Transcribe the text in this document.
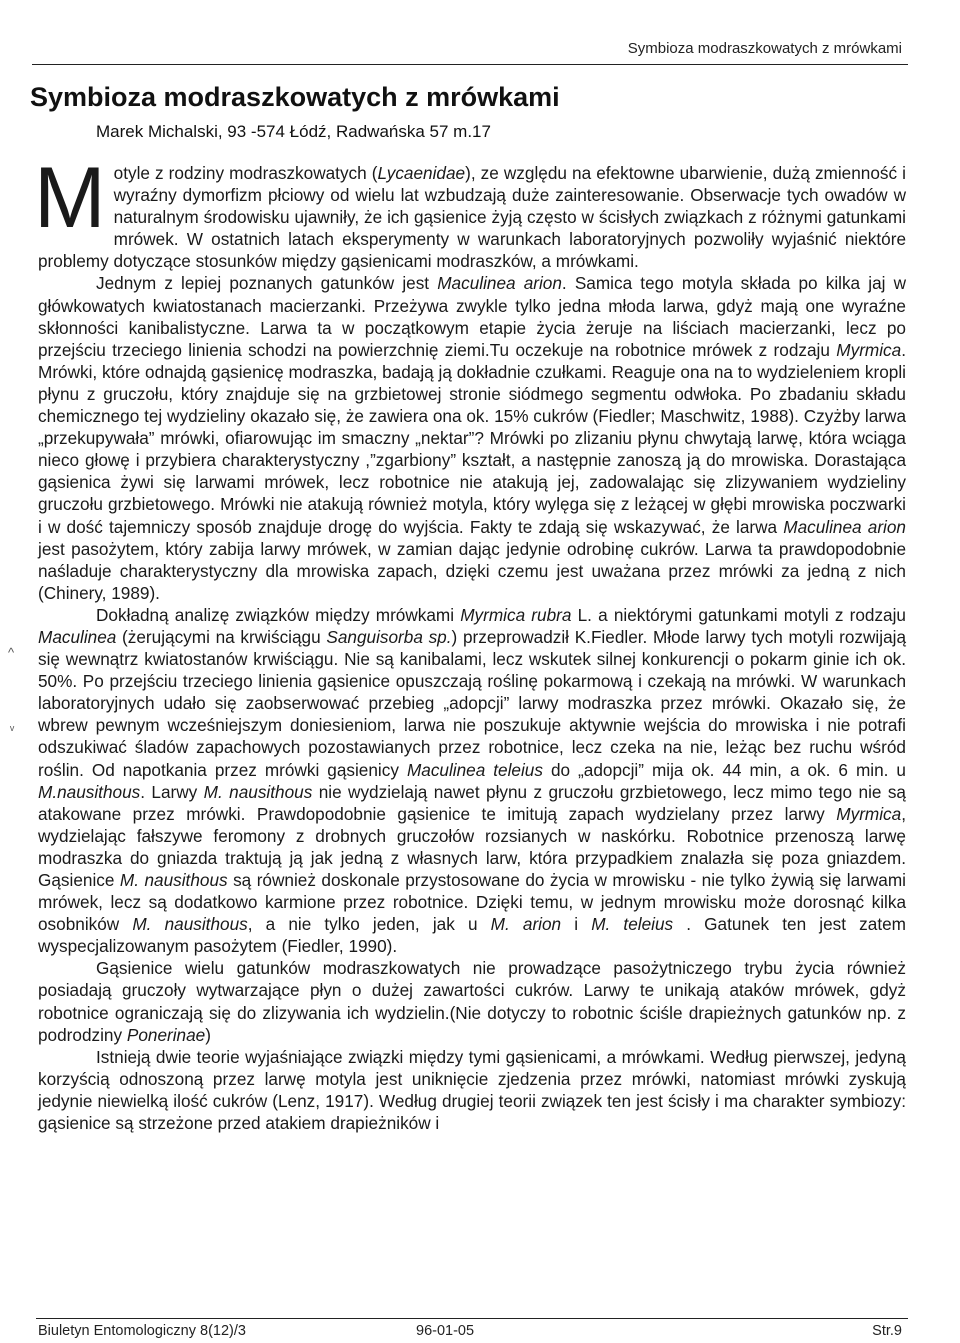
Symbioza modraszkowatych z mrówkami
Symbioza modraszkowatych z mrówkami
Marek Michalski, 93 -574 Łódź, Radwańska 57 m.17

M otyle z rodziny modraszkowatych (Lycaenidae), ze względu na efektowne ubarwienie, dużą zmienność i wyraźny dymorfizm płciowy od wielu lat wzbudzają duże zainteresowanie. Obserwacje tych owadów w naturalnym środowisku ujawniły, że ich gąsienice żyją często w ścisłych związkach z różnymi gatunkami mrówek. W ostatnich latach eksperymenty w warunkach laboratoryjnych pozwoliły wyjaśnić niektóre problemy dotyczące stosunków między gąsienicami modraszków, a mrówkami.

Jednym z lepiej poznanych gatunków jest Maculinea arion. Samica tego motyla składa po kilka jaj w główkowatych kwiatostanach macierzanki. Przeżywa zwykle tylko jedna młoda larwa, gdyż mają one wyraźne skłonności kanibalistyczne. Larwa ta w początkowym etapie życia żeruje na liściach macierzanki, lecz po przejściu trzeciego linienia schodzi na powierzchnię ziemi.Tu oczekuje na robotnice mrówek z rodzaju Myrmica. Mrówki, które odnajdą gąsienicę modraszka, badają ją dokładnie czułkami. Reaguje ona na to wydzieleniem kropli płynu z gruczołu, który znajduje się na grzbietowej stronie siódmego segmentu odwłoka. Po zbadaniu składu chemicznego tej wydzieliny okazało się, że zawiera ona ok. 15% cukrów (Fiedler; Maschwitz, 1988). Czyżby larwa „przekupywała” mrówki, ofiarowując im smaczny „nektar”? Mrówki po zlizaniu płynu chwytają larwę, która wciąga nieco głowę i przybiera charakterystyczny ,”zgarbiony” kształt, a następnie zanoszą ją do mrowiska. Dorastająca gąsienica żywi się larwami mrówek, lecz robotnice nie atakują jej, zadowalając się zlizywaniem wydzieliny gruczołu grzbietowego. Mrówki nie atakują również motyla, który wylęga się z leżącej w głębi mrowiska poczwarki i w dość tajemniczy sposób znajduje drogę do wyjścia. Fakty te zdają się wskazywać, że larwa Maculinea arion jest pasożytem, który zabija larwy mrówek, w zamian dając jedynie odrobinę cukrów. Larwa ta prawdopodobnie naśladuje charakterystyczny dla mrowiska zapach, dzięki czemu jest uważana przez mrówki za jedną z nich (Chinery, 1989).

Dokładną analizę związków między mrówkami Myrmica rubra L. a niektórymi gatunkami motyli z rodzaju Maculinea (żerującymi na krwiściągu Sanguisorba sp.) przeprowadził K.Fiedler. Młode larwy tych motyli rozwijają się wewnątrz kwiatostanów krwiściągu. Nie są kanibalami, lecz wskutek silnej konkurencji o pokarm ginie ich ok. 50%. Po przejściu trzeciego linienia gąsienice opuszczają roślinę pokarmową i czekają na mrówki. W warunkach laboratoryjnych udało się zaobserwować przebieg „adopcji” larwy modraszka przez mrówki. Okazało się, że wbrew pewnym wcześniejszym doniesieniom, larwa nie poszukuje aktywnie wejścia do mrowiska i nie potrafi odszukiwać śladów zapachowych pozostawianych przez robotnice, lecz czeka na nie, leżąc bez ruchu wśród roślin. Od napotkania przez mrówki gąsienicy Maculinea teleius do „adopcji” mija ok. 44 min, a ok. 6 min. u M.nausithous. Larwy M. nausithous nie wydzielają nawet płynu z gruczołu grzbietowego, lecz mimo tego nie są atakowane przez mrówki. Prawdopodobnie gąsienice te imitują zapach wydzielany przez larwy Myrmica, wydzielając fałszywe feromony z drobnych gruczołów rozsianych w naskórku. Robotnice przenoszą larwę modraszka do gniazda traktują ją jak jedną z własnych larw, która przypadkiem znalazła się poza gniazdem. Gąsienice M. nausithous są również doskonale przystosowane do życia w mrowisku - nie tylko żywią się larwami mrówek, lecz są dodatkowo karmione przez robotnice. Dzięki temu, w jednym mrowisku może dorosnąć kilka osobników M. nausithous, a nie tylko jeden, jak u M. arion i M. teleius . Gatunek ten jest zatem wyspecjalizowanym pasożytem (Fiedler, 1990).

Gąsienice wielu gatunków modraszkowatych nie prowadzące pasożytniczego trybu życia również posiadają gruczoły wytwarzające płyn o dużej zawartości cukrów. Larwy te unikają ataków mrówek, gdyż robotnice ograniczają się do zlizywania ich wydzielin.(Nie dotyczy to robotnic ściśle drapieżnych gatunków np. z podrodziny Ponerinae)

Istnieją dwie teorie wyjaśniające związki między tymi gąsienicami, a mrówkami. Według pierwszej, jedyną korzyścią odnoszoną przez larwę motyla jest uniknięcie zjedzenia przez mrówki, natomiast mrówki zyskują jedynie niewielką ilość cukrów (Lenz, 1917). Według drugiej teorii związek ten jest ścisły i ma charakter symbiozy: gąsienice są strzeżone przed atakiem drapieżników i

^
ᵥ
Biuletyn Entomologiczny 8(12)/3	96-01-05	Str.9
